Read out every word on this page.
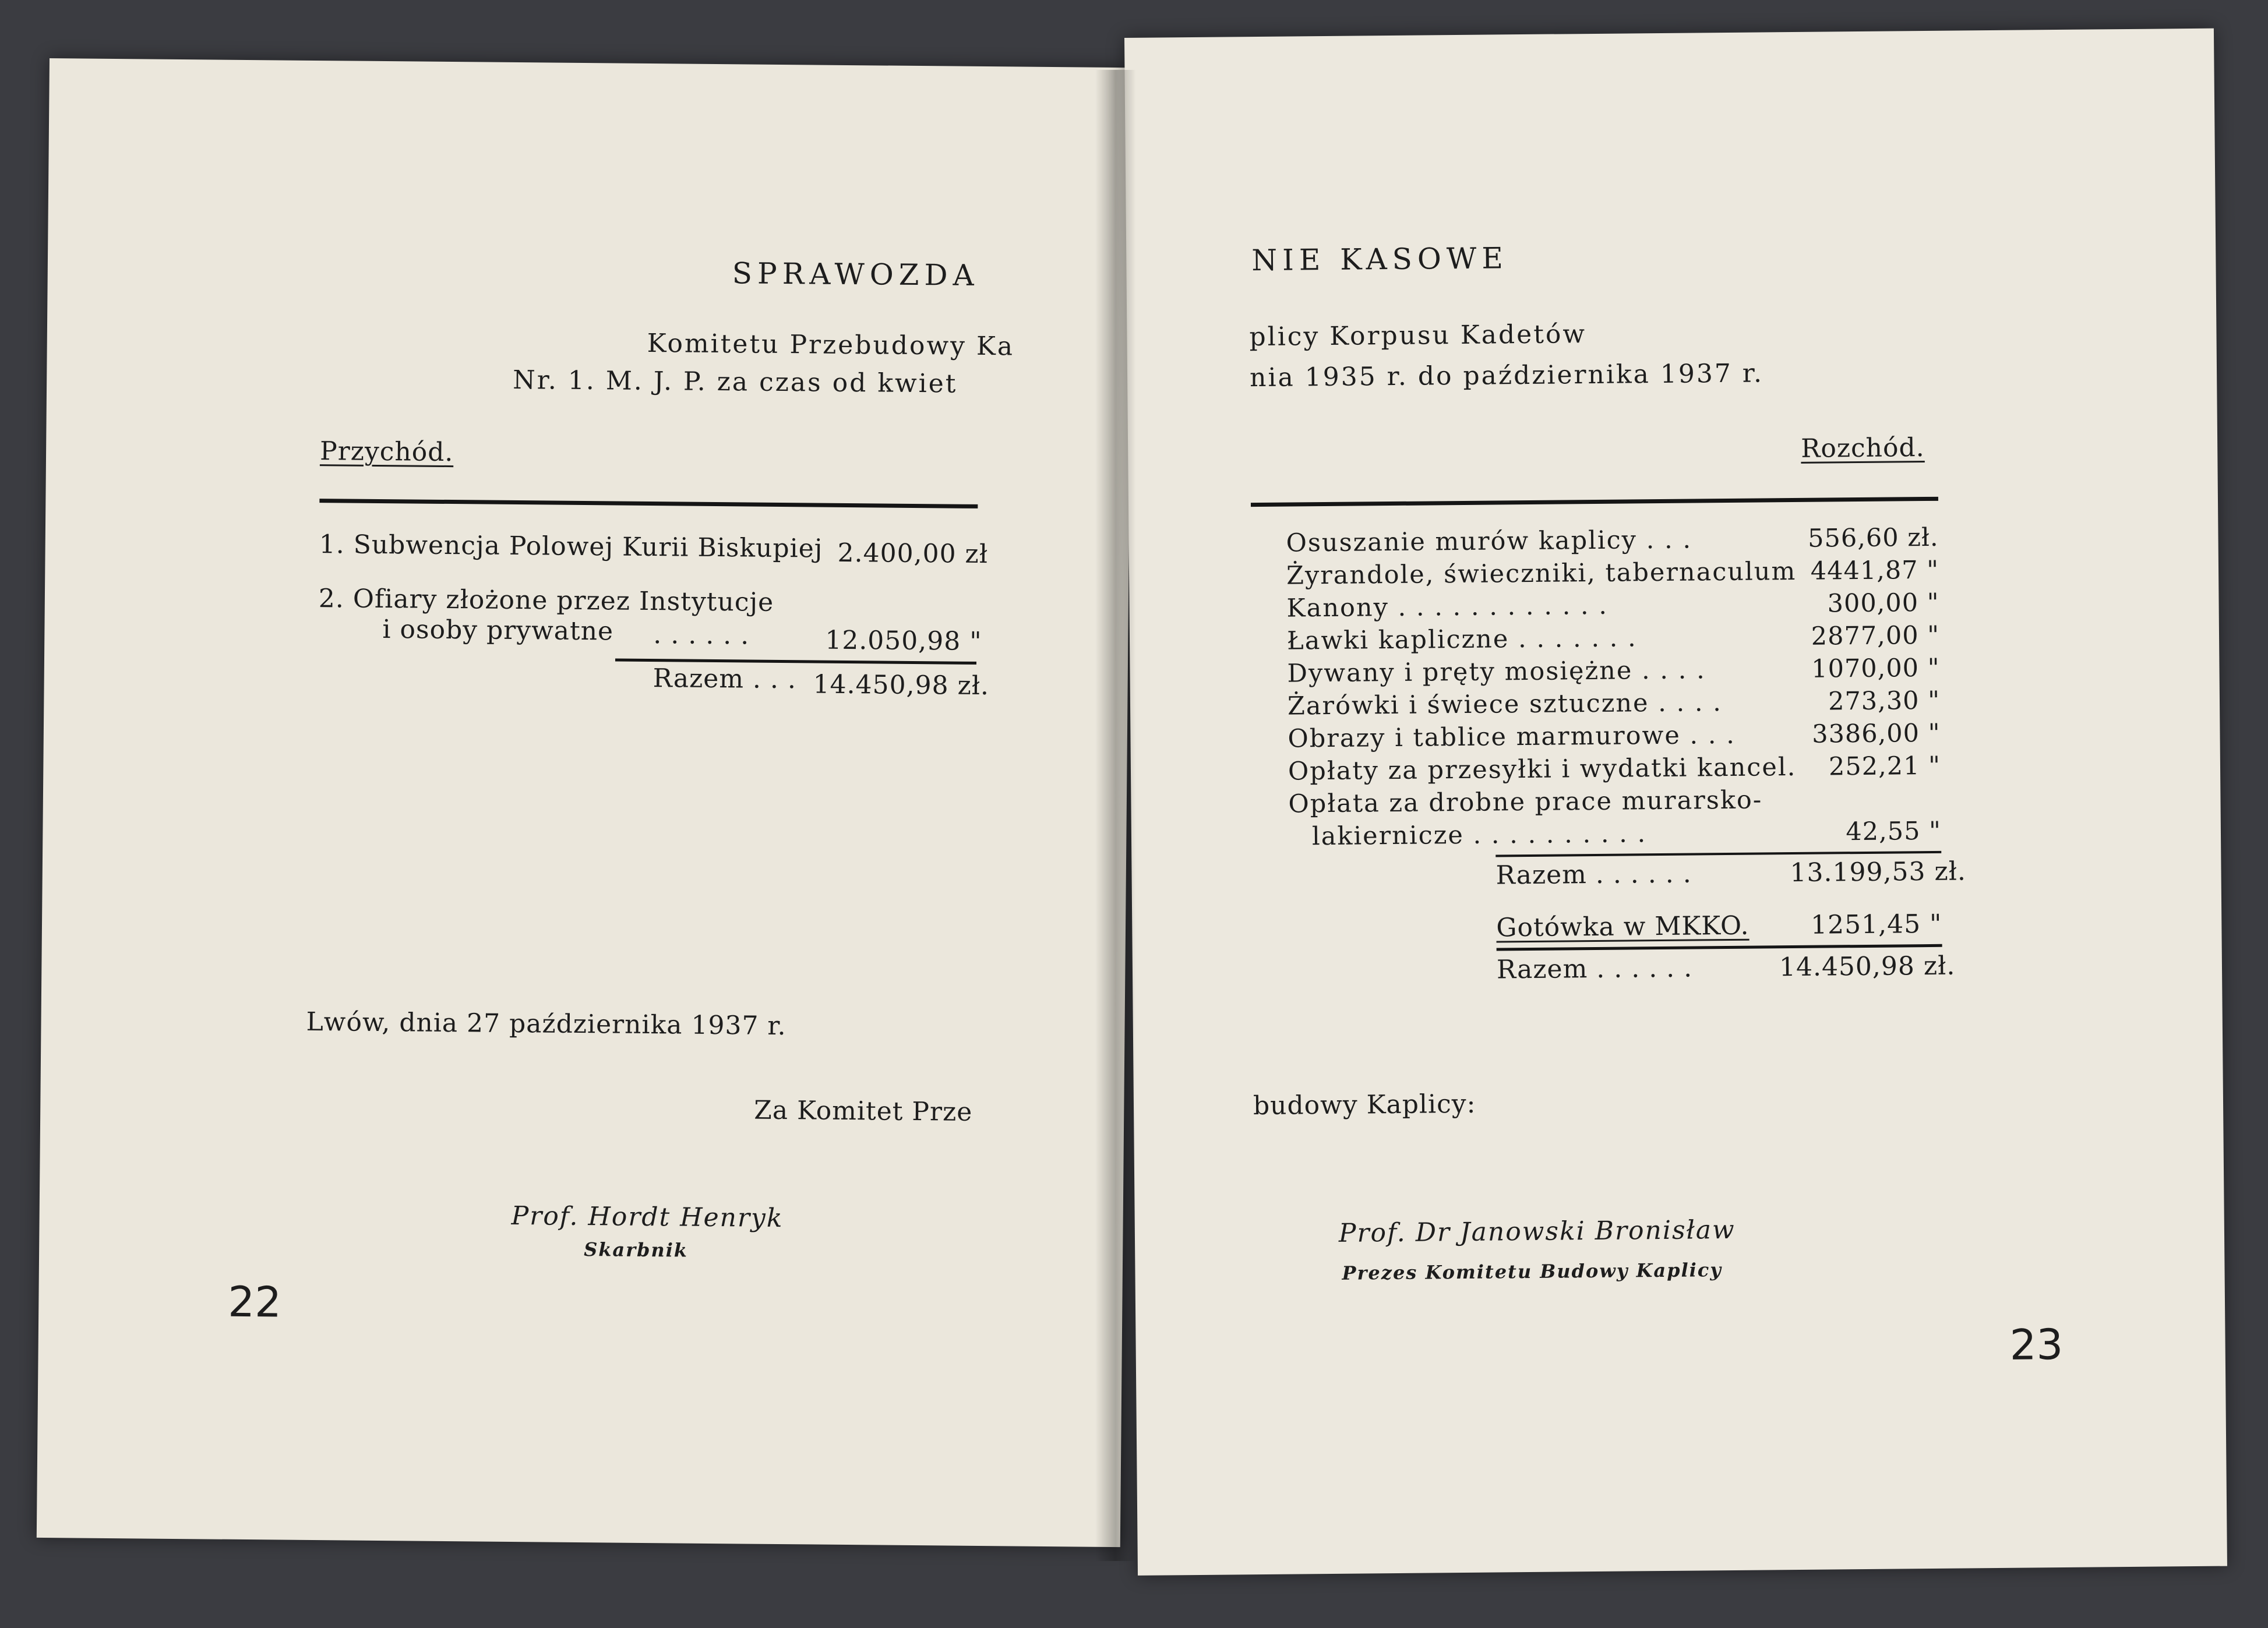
SPRAWOZDA
Komitetu Przebudowy Ka
Nr. 1. M. J. P. za czas od kwiet
Przychód.
1. Subwencja Polowej Kurii Biskupiej 2.400,00 zł
2. Ofiary złożone przez Instytucje
i osoby prywatne . . . . . .	12.050,98 "
Razem . . . 14.450,98 zł.
Lwów, dnia 27 października 1937 r.
Za Komitet Prze
Prof. Hordt Henryk
Skarbnik
22
NIE KASOWE
plicy Korpusu Kadetów
nia 1935 r. do października 1937 r.
Rozchód.
Osuszanie murów kaplicy . . .	556,60 zł.
Żyrandole, świeczniki, tabernaculum 4441,87 "
Kanony . . . . . . . . . . . .	300,00 "
Ławki kapliczne . . . . . . .	2877,00 "
Dywany i pręty mosiężne . . . .	1070,00 "
Żarówki i świece sztuczne . . . .	273,30 "
Obrazy i tablice marmurowe . . .	3386,00 "
Opłaty za przesyłki i wydatki kancel. 252,21 "
Opłata za drobne prace murarsko-
lakiernicze . . . . . . . . . .	42,55 "
Razem . . . . . .	13.199,53 zł.
Gotówka w MKKO.	1251,45 "
Razem . . . . . .	14.450,98 zł.
budowy Kaplicy:
Prof. Dr Janowski Bronisław
Prezes Komitetu Budowy Kaplicy
23
